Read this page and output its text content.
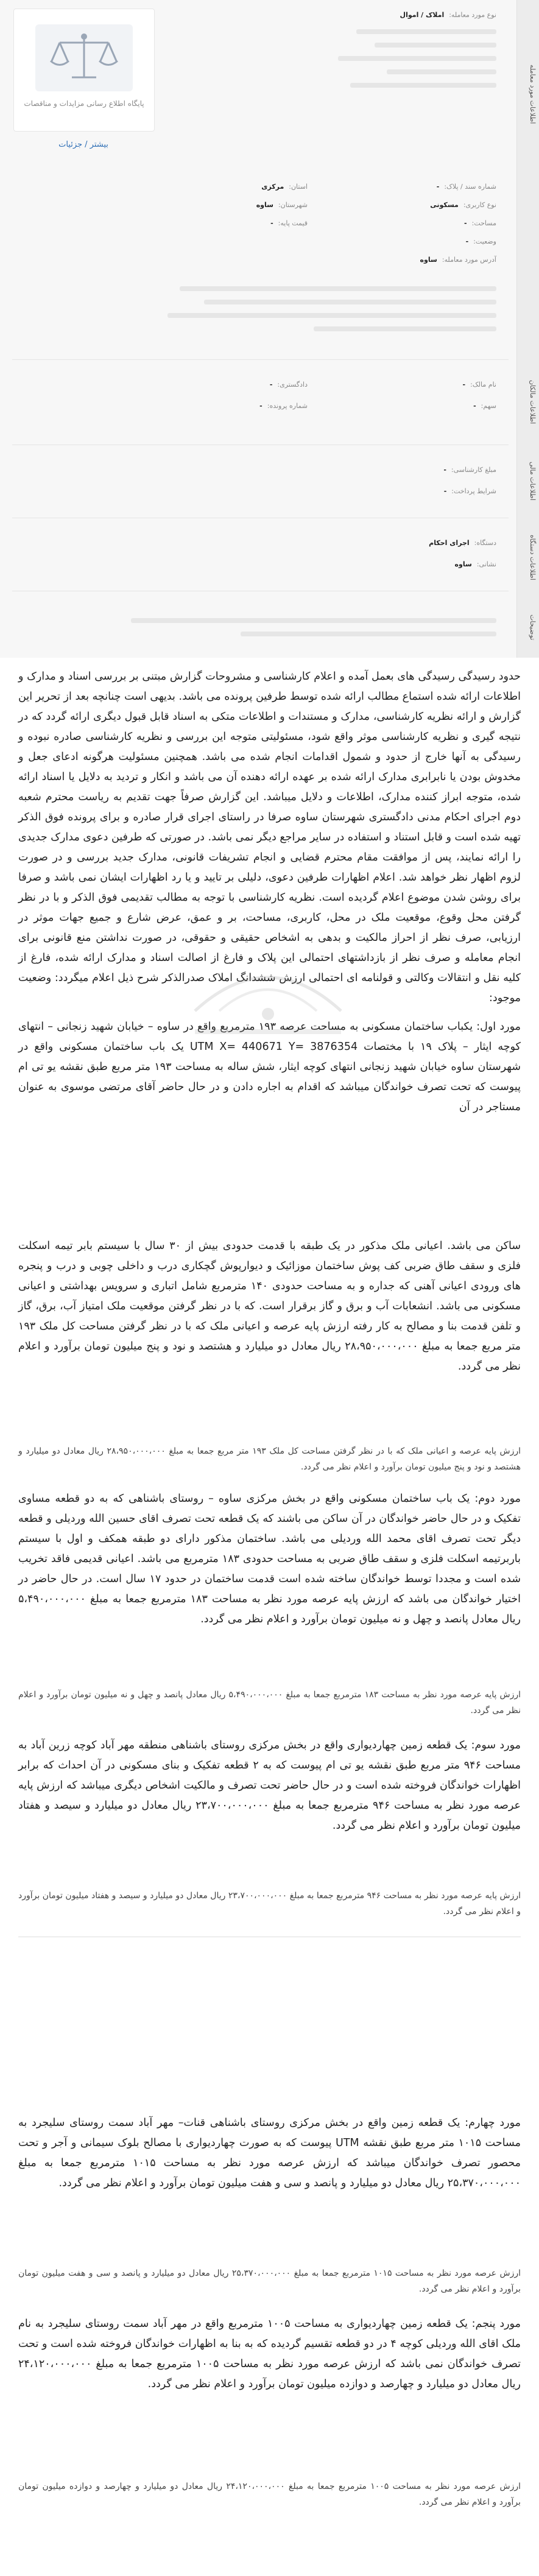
پایگاه اطلاع رسانی مزایدات و مناقصات
بیشتر / جزئیات
اطلاعات مورد معامله
اطلاعات مالکان
اطلاعات مالی
اطلاعات دستگاه
توضیحات
نوع مورد معامله:املاک / اموال
شماره سند / پلاک:-
نوع کاربری:مسکونی
مساحت:-
وضعیت:-
آدرس مورد معامله:ساوه
استان:مرکزی
شهرستان:ساوه
قیمت پایه:-
نام مالک:-
سهم:-
دادگستری:-
شماره پرونده:-
مبلغ کارشناسی:-
شرایط پرداخت:-
دستگاه:اجرای احکام
نشانی:ساوه
حدود رسیدگی رسیدگی های بعمل آمده و اعلام کارشناسی و مشروحات گزارش مبتنی بر بررسی اسناد و مدارک و اطلاعات ارائه شده استماع مطالب ارائه شده توسط طرفین پرونده می باشد. بدیهی است چنانچه بعد از تحریر این گزارش و ارائه نظریه کارشناسی، مدارک و مستندات و اطلاعات متکی به اسناد قابل قبول دیگری ارائه گردد که در نتیجه گیری و نظریه کارشناسی موثر واقع شود، مسئولیتی متوجه این بررسی و نظریه کارشناسی صادره نبوده و رسیدگی به آنها خارج از حدود و شمول اقدامات انجام شده می باشد. همچنین مسئولیت هرگونه ادعای جعل و مخدوش بودن یا نابرابری مدارک ارائه شده بر عهده ارائه دهنده آن می باشد و انکار و تردید به دلایل یا اسناد ارائه شده، متوجه ابراز کننده مدارک، اطلاعات و دلایل میباشد. این گزارش صرفاً جهت تقدیم به ریاست محترم شعبه دوم اجرای احکام مدنی دادگستری شهرستان ساوه صرفا در راستای اجرای قرار صادره و برای پرونده فوق الذکر تهیه شده است و قابل استناد و استفاده در سایر مراجع دیگر نمی باشد. در صورتی که طرفین دعوی مدارک جدیدی را ارائه نمایند، پس از موافقت مقام محترم قضایی و انجام تشریفات قانونی، مدارک جدید بررسی و در صورت لزوم اظهار نظر خواهد شد. اعلام اظهارات طرفین دعوی، دلیلی بر تایید و یا رد اظهارات ایشان نمی باشد و صرفا برای روشن شدن موضوع اعلام گردیده است. نظریه کارشناسی با توجه به مطالب تقدیمی فوق الذکر و با در نظر گرفتن محل وقوع، موقعیت ملک در محل، کاربری، مساحت، بر و عمق، عرض شارع و جمیع جهات موثر در ارزیابی، صرف نظر از احراز مالکیت و بدهی به اشخاص حقیقی و حقوقی، در صورت نداشتن منع قانونی برای انجام معامله و صرف نظر از بازداشتهای احتمالی این پلاک و فارغ از اصالت اسناد و مدارک ارائه شده، فارغ از کلیه نقل و انتقالات وکالتی و قولنامه ای احتمالی ارزش ششدانگ املاک صدرالذکر شرح ذیل اعلام میگردد: وضعیت موجود:
مورد اول: یکباب ساختمان مسکونی به مساحت عرصه ۱۹۳ مترمربع واقع در ساوه – خیابان شهید زنجانی – انتهای کوچه ایثار – پلاک ۱۹ با مختصات UTM X= 440671 Y= 3876354 یک باب ساختمان مسکونی واقع در شهرستان ساوه خیابان شهید زنجانی انتهای کوچه ایثار، شش ساله به مساحت ۱۹۳ متر مربع طبق نقشه یو تی ام پیوست که تحت تصرف خواندگان میباشد که اقدام به اجاره دادن و در حال حاضر آقای مرتضی موسوی به عنوان مستاجر در آن
ساکن می باشد. اعیانی ملک مذکور در یک طبقه با قدمت حدودی بیش از ۳۰ سال با سیستم بابر تیمه اسکلت فلزی و سقف طاق ضربی کف پوش ساختمان موزائیک و دیوارپوش گچکاری درب و داخلی چوبی و درب و پنجره های ورودی اعیانی آهنی که جداره و به مساحت حدودی ۱۴۰ مترمربع شامل اتباری و سرویس بهداشتی و اعیانی مسکونی می باشد. انشعابات آب و برق و گاز برقرار است. که با در نظر گرفتن موقعیت ملک امتیاز آب، برق، گاز و تلفن قدمت بنا و مصالح به کار رفته ارزش پایه عرصه و اعیانی ملک که با در نظر گرفتن مساحت کل ملک ۱۹۳ متر مربع جمعا به مبلغ ۲۸،۹۵۰،۰۰۰،۰۰۰ ریال معادل دو میلیارد و هشتصد و نود و پنج میلیون تومان برآورد و اعلام نظر می گردد.
ارزش پایه عرصه و اعیانی ملک که با در نظر گرفتن مساحت کل ملک ۱۹۳ متر مربع جمعا به مبلغ ۲۸،۹۵۰،۰۰۰،۰۰۰ ریال معادل دو میلیارد و هشتصد و نود و پنج میلیون تومان برآورد و اعلام نظر می گردد.
مورد دوم: یک باب ساختمان مسکونی واقع در بخش مرکزی ساوه – روستای باشناهی که به دو قطعه مساوی تفکیک و در حال حاضر خواندگان در آن ساکن می باشند که یک قطعه تحت تصرف اقای حسین الله وردیلی و قطعه دیگر تحت تصرف اقای محمد الله وردیلی می باشد. ساختمان مذکور دارای دو طبقه همکف و اول با سیستم باربرتیمه اسکلت فلزی و سقف طاق ضربی به مساحت حدودی ۱۸۳ مترمربع می باشد. اعیانی قدیمی فاقد تخریب شده است و مجددا توسط خواندگان ساخته شده است قدمت ساختمان در حدود ۱۷ سال است. در حال حاضر در اختیار خواندگان می باشد که ارزش پایه عرصه مورد نظر به مساحت ۱۸۳ مترمربع جمعا به مبلغ ۵،۴۹۰،۰۰۰،۰۰۰ ریال معادل پانصد و چهل و نه میلیون تومان برآورد و اعلام نظر می گردد.
ارزش پایه عرصه مورد نظر به مساحت ۱۸۳ مترمربع جمعا به مبلغ ۵،۴۹۰،۰۰۰،۰۰۰ ریال معادل پانصد و چهل و نه میلیون تومان برآورد و اعلام نظر می گردد.
مورد سوم: یک قطعه زمین چهاردیواری واقع در بخش مرکزی روستای باشناهی منطقه مهر آباد کوچه زرین آباد به مساحت ۹۴۶ متر مربع طبق نقشه یو تی ام پیوست که به ۲ قطعه تفکیک و بنای مسکونی در آن احداث که برابر اظهارات خواندگان فروخته شده است و در حال حاضر تحت تصرف و مالکیت اشخاص دیگری میباشد که ارزش پایه عرصه مورد نظر به مساحت ۹۴۶ مترمربع جمعا به مبلغ ۲۳،۷۰۰،۰۰۰،۰۰۰ ریال معادل دو میلیارد و سیصد و هفتاد میلیون تومان برآورد و اعلام نظر می گردد.
ارزش پایه عرصه مورد نظر به مساحت ۹۴۶ مترمربع جمعا به مبلغ ۲۳،۷۰۰،۰۰۰،۰۰۰ ریال معادل دو میلیارد و سیصد و هفتاد میلیون تومان برآورد و اعلام نظر می گردد.
مورد چهارم: یک قطعه زمین واقع در بخش مرکزی روستای باشناهی قنات– مهر آباد سمت روستای سلیجرد به مساحت ۱۰۱۵ متر مربع طبق نقشه UTM پیوست که به صورت چهاردیواری با مصالح بلوک سیمانی و آجر و تحت محصور تصرف خواندگان میباشد که ارزش عرصه مورد نظر به مساحت ۱۰۱۵ مترمربع جمعا به مبلغ ۲۵،۳۷۰،۰۰۰،۰۰۰ ریال معادل دو میلیارد و پانصد و سی و هفت میلیون تومان برآورد و اعلام نظر می گردد.
ارزش عرصه مورد نظر به مساحت ۱۰۱۵ مترمربع جمعا به مبلغ ۲۵،۳۷۰،۰۰۰،۰۰۰ ریال معادل دو میلیارد و پانصد و سی و هفت میلیون تومان برآورد و اعلام نظر می گردد.
مورد پنجم: یک قطعه زمین چهاردیواری به مساحت ۱۰۰۵ مترمربع واقع در مهر آباد سمت روستای سلیجرد به نام ملک اقای الله وردیلی کوچه ۴ در دو قطعه تقسیم گردیده که به بنا به اظهارات خواندگان فروخته شده است و تحت تصرف خواندگان نمی باشد که ارزش عرصه مورد نظر به مساحت ۱۰۰۵ مترمربع جمعا به مبلغ ۲۴،۱۲۰،۰۰۰،۰۰۰ ریال معادل دو میلیارد و چهارصد و دوازده میلیون تومان برآورد و اعلام نظر می گردد.
ارزش عرصه مورد نظر به مساحت ۱۰۰۵ مترمربع جمعا به مبلغ ۲۴،۱۲۰،۰۰۰،۰۰۰ ریال معادل دو میلیارد و چهارصد و دوازده میلیون تومان برآورد و اعلام نظر می گردد.
